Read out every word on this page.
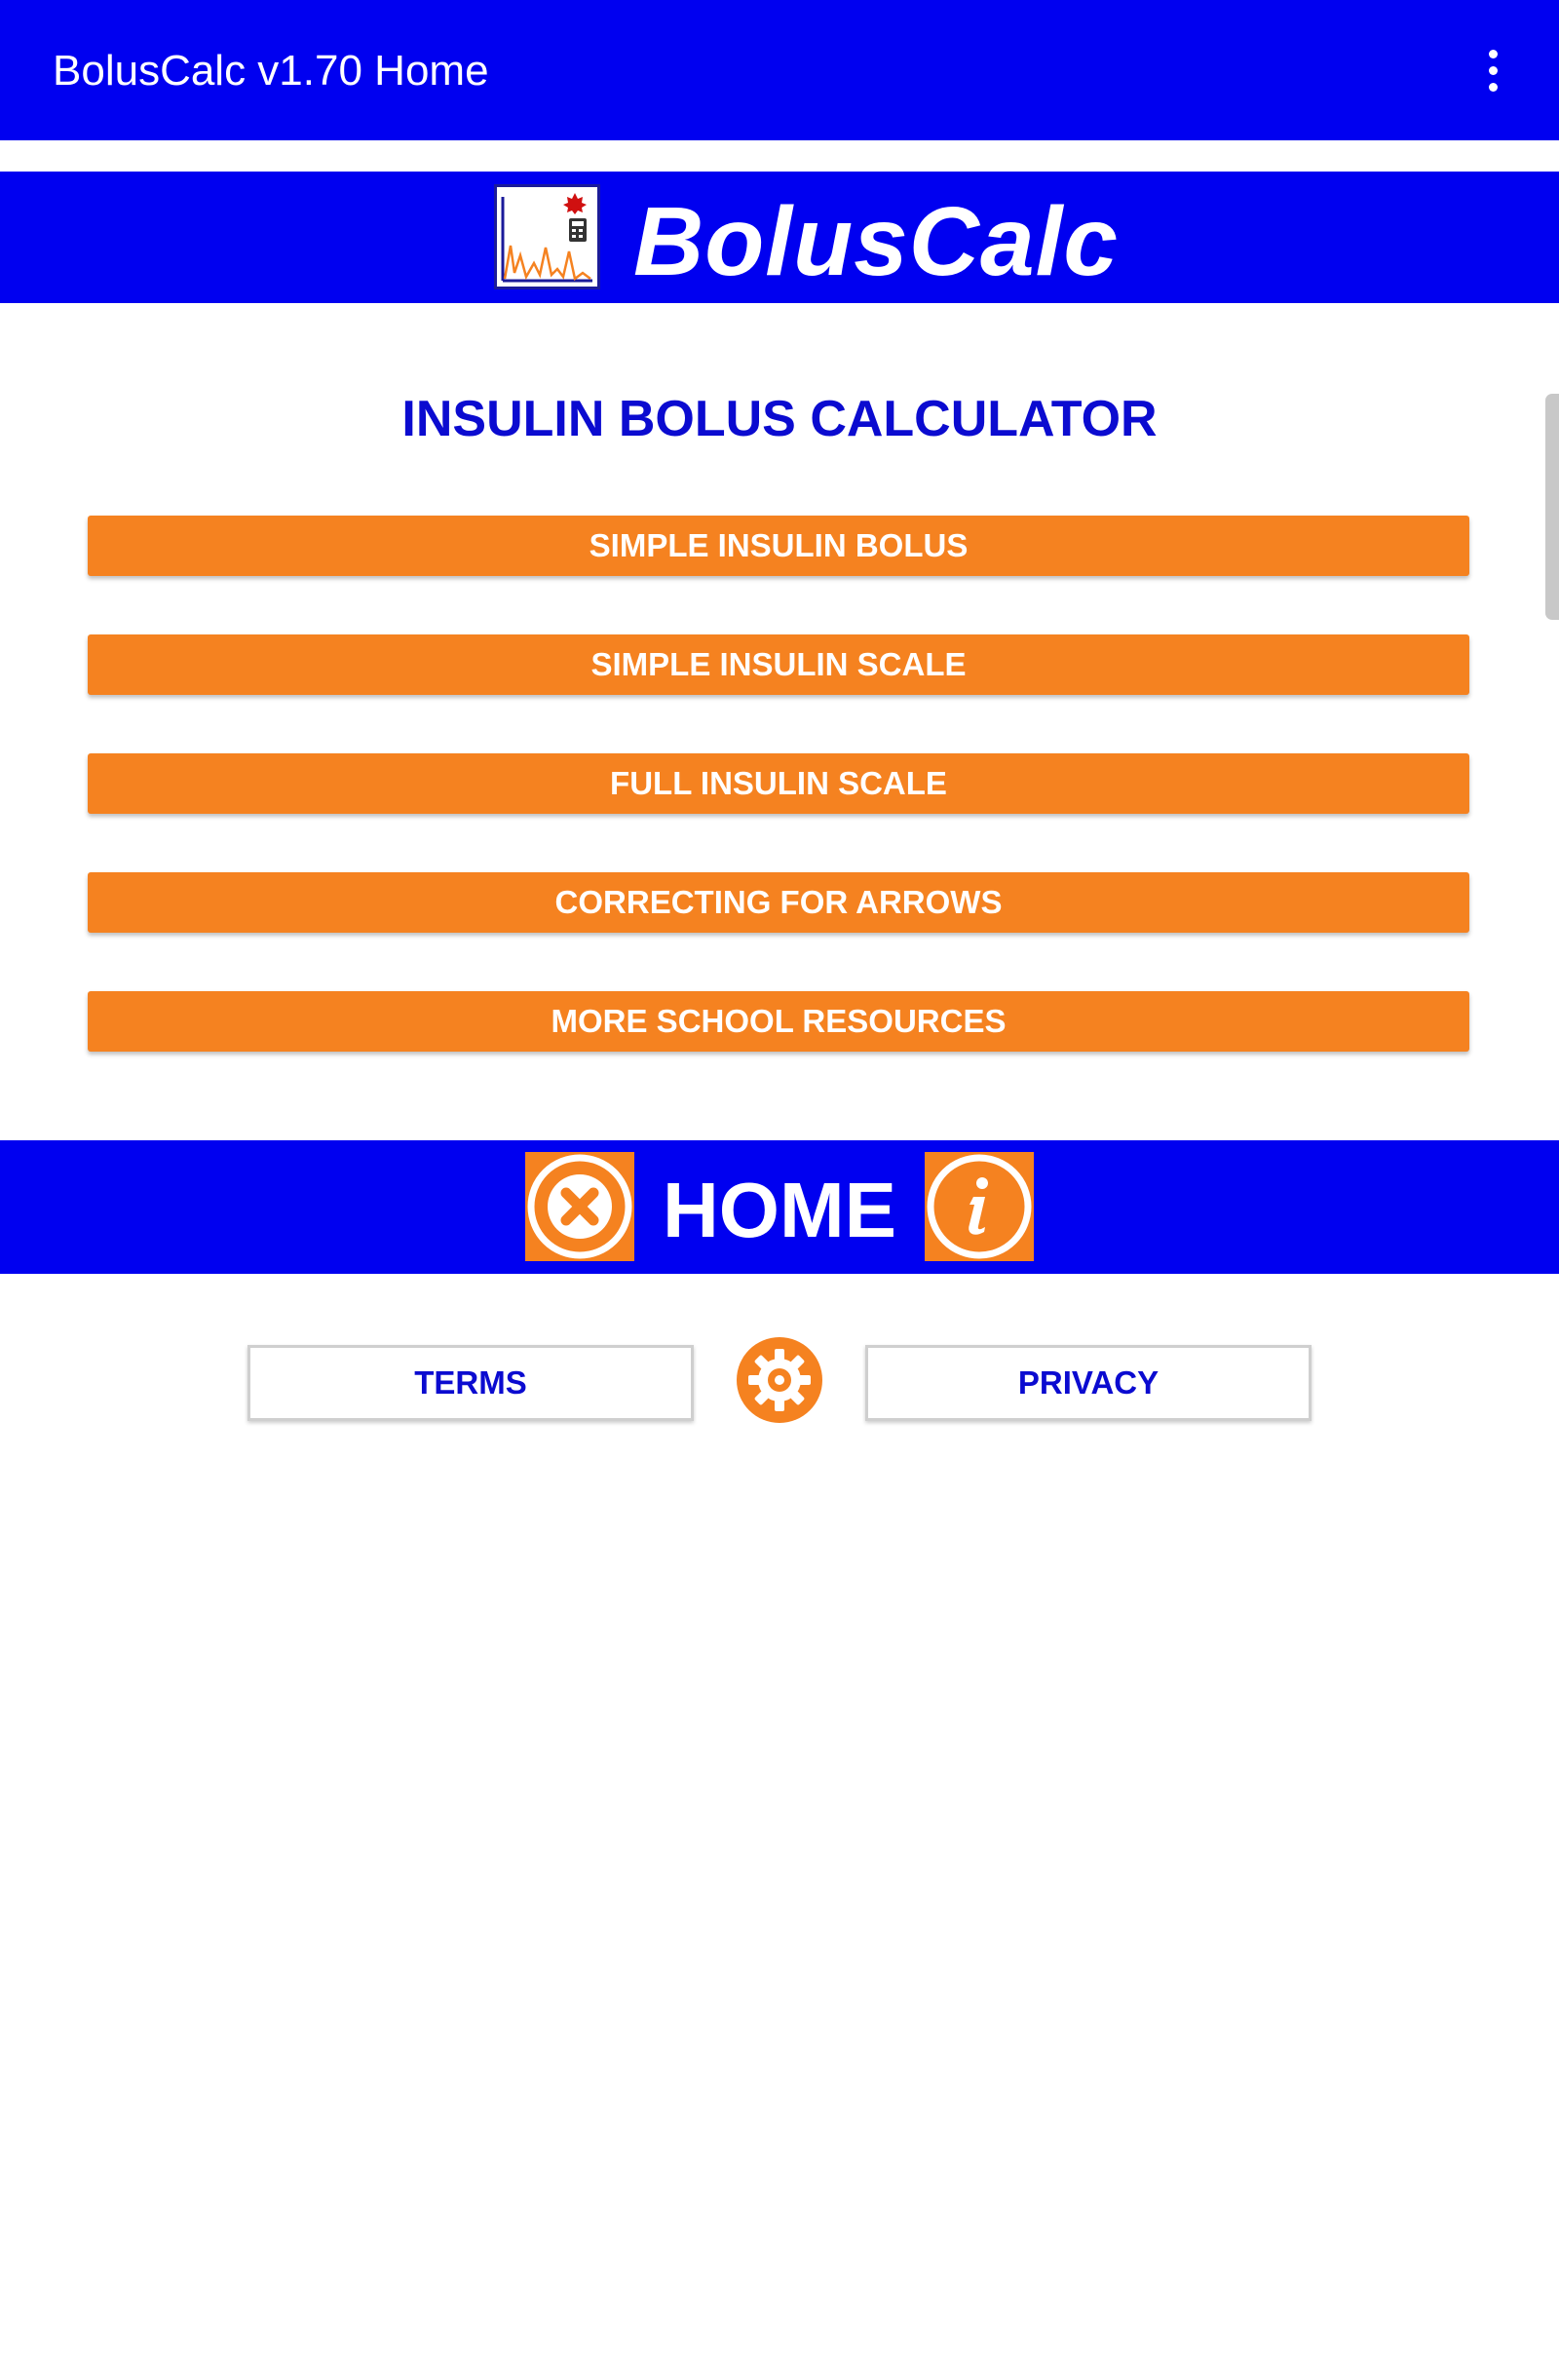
BolusCalc v1.70 Home
BolusCalc
INSULIN BOLUS CALCULATOR
SIMPLE INSULIN BOLUS
SIMPLE INSULIN SCALE
FULL INSULIN SCALE
CORRECTING FOR ARROWS
MORE SCHOOL RESOURCES
HOME
TERMS	PRIVACY
